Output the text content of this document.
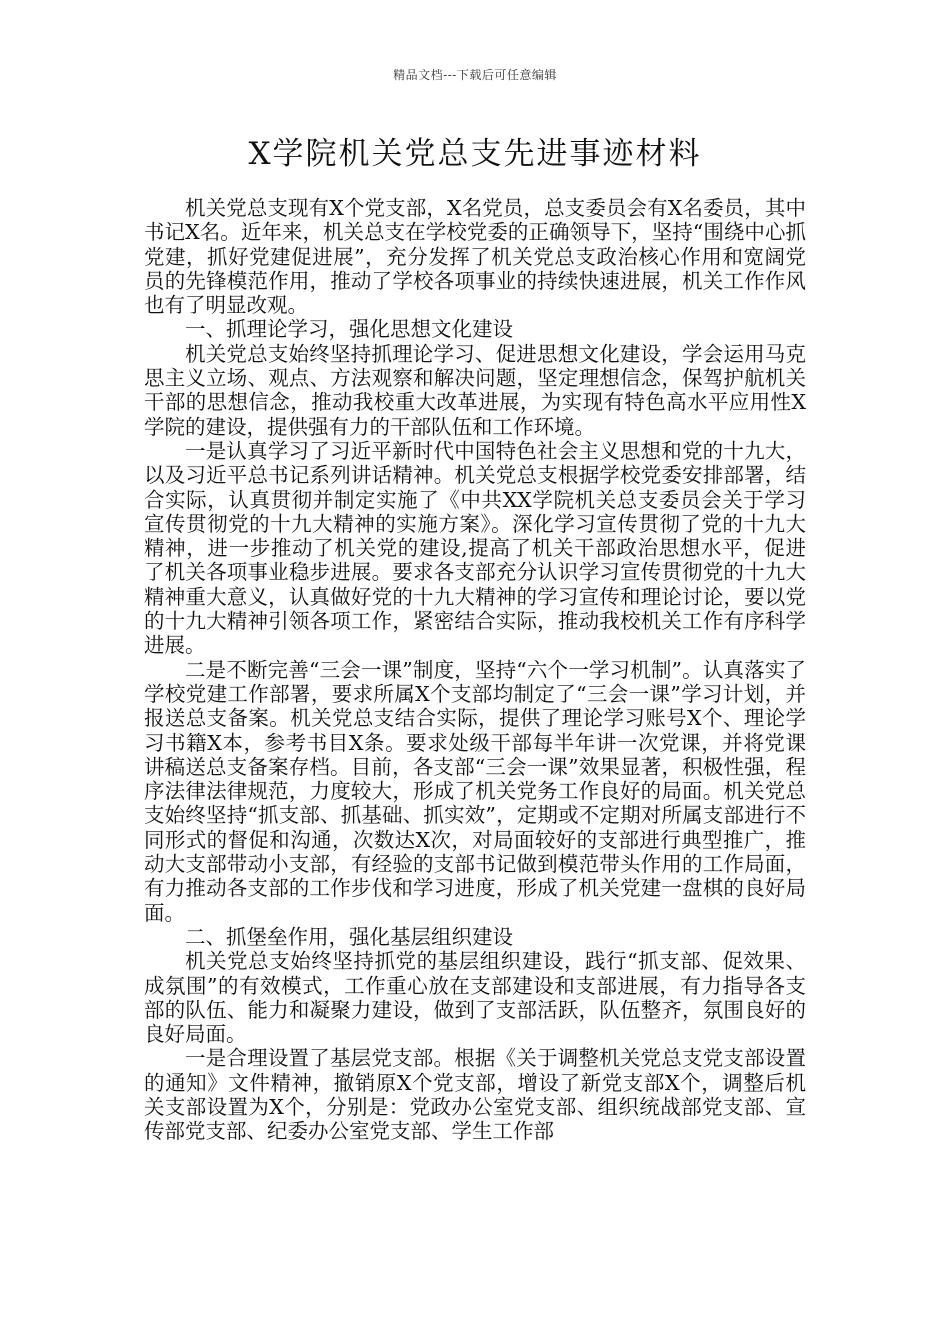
精品文档---下载后可任意编辑
X学院机关党总支先进事迹材料

机关党总支现有X个党支部，X名党员，总支委员会有X名委员，其中书记X名。近年来，机关总支在学校党委的正确领导下，坚持“围绕中心抓党建，抓好党建促进展”，充分发挥了机关党总支政治核心作用和宽阔党员的先锋模范作用，推动了学校各项事业的持续快速进展，机关工作作风也有了明显改观。

一、抓理论学习，强化思想文化建设

机关党总支始终坚持抓理论学习、促进思想文化建设，学会运用马克思主义立场、观点、方法观察和解决问题，坚定理想信念，保驾护航机关干部的思想信念，推动我校重大改革进展，为实现有特色高水平应用性X学院的建设，提供强有力的干部队伍和工作环境。

一是认真学习了习近平新时代中国特色社会主义思想和党的十九大，以及习近平总书记系列讲话精神。机关党总支根据学校党委安排部署，结合实际，认真贯彻并制定实施了《中共XX学院机关总支委员会关于学习宣传贯彻党的十九大精神的实施方案》。深化学习宣传贯彻了党的十九大精神，进一步推动了机关党的建设,提高了机关干部政治思想水平，促进了机关各项事业稳步进展。要求各支部充分认识学习宣传贯彻党的十九大精神重大意义，认真做好党的十九大精神的学习宣传和理论讨论，要以党的十九大精神引领各项工作，紧密结合实际，推动我校机关工作有序科学进展。

二是不断完善“三会一课”制度，坚持“六个一学习机制”。认真落实了学校党建工作部署，要求所属X个支部均制定了“三会一课”学习计划，并报送总支备案。机关党总支结合实际，提供了理论学习账号X个、理论学习书籍X本，参考书目X条。要求处级干部每半年讲一次党课，并将党课讲稿送总支备案存档。目前，各支部“三会一课”效果显著，积极性强，程序法律法律规范，力度较大，形成了机关党务工作良好的局面。机关党总支始终坚持“抓支部、抓基础、抓实效”，定期或不定期对所属支部进行不同形式的督促和沟通，次数达X次，对局面较好的支部进行典型推广，推动大支部带动小支部，有经验的支部书记做到模范带头作用的工作局面，有力推动各支部的工作步伐和学习进度，形成了机关党建一盘棋的良好局面。

二、抓堡垒作用，强化基层组织建设

机关党总支始终坚持抓党的基层组织建设，践行“抓支部、促效果、成氛围”的有效模式，工作重心放在支部建设和支部进展，有力指导各支部的队伍、能力和凝聚力建设，做到了支部活跃，队伍整齐，氛围良好的良好局面。

一是合理设置了基层党支部。根据《关于调整机关党总支党支部设置的通知》文件精神，撤销原X个党支部，增设了新党支部X个，调整后机关支部设置为X个，分别是：党政办公室党支部、组织统战部党支部、宣传部党支部、纪委办公室党支部、学生工作部
